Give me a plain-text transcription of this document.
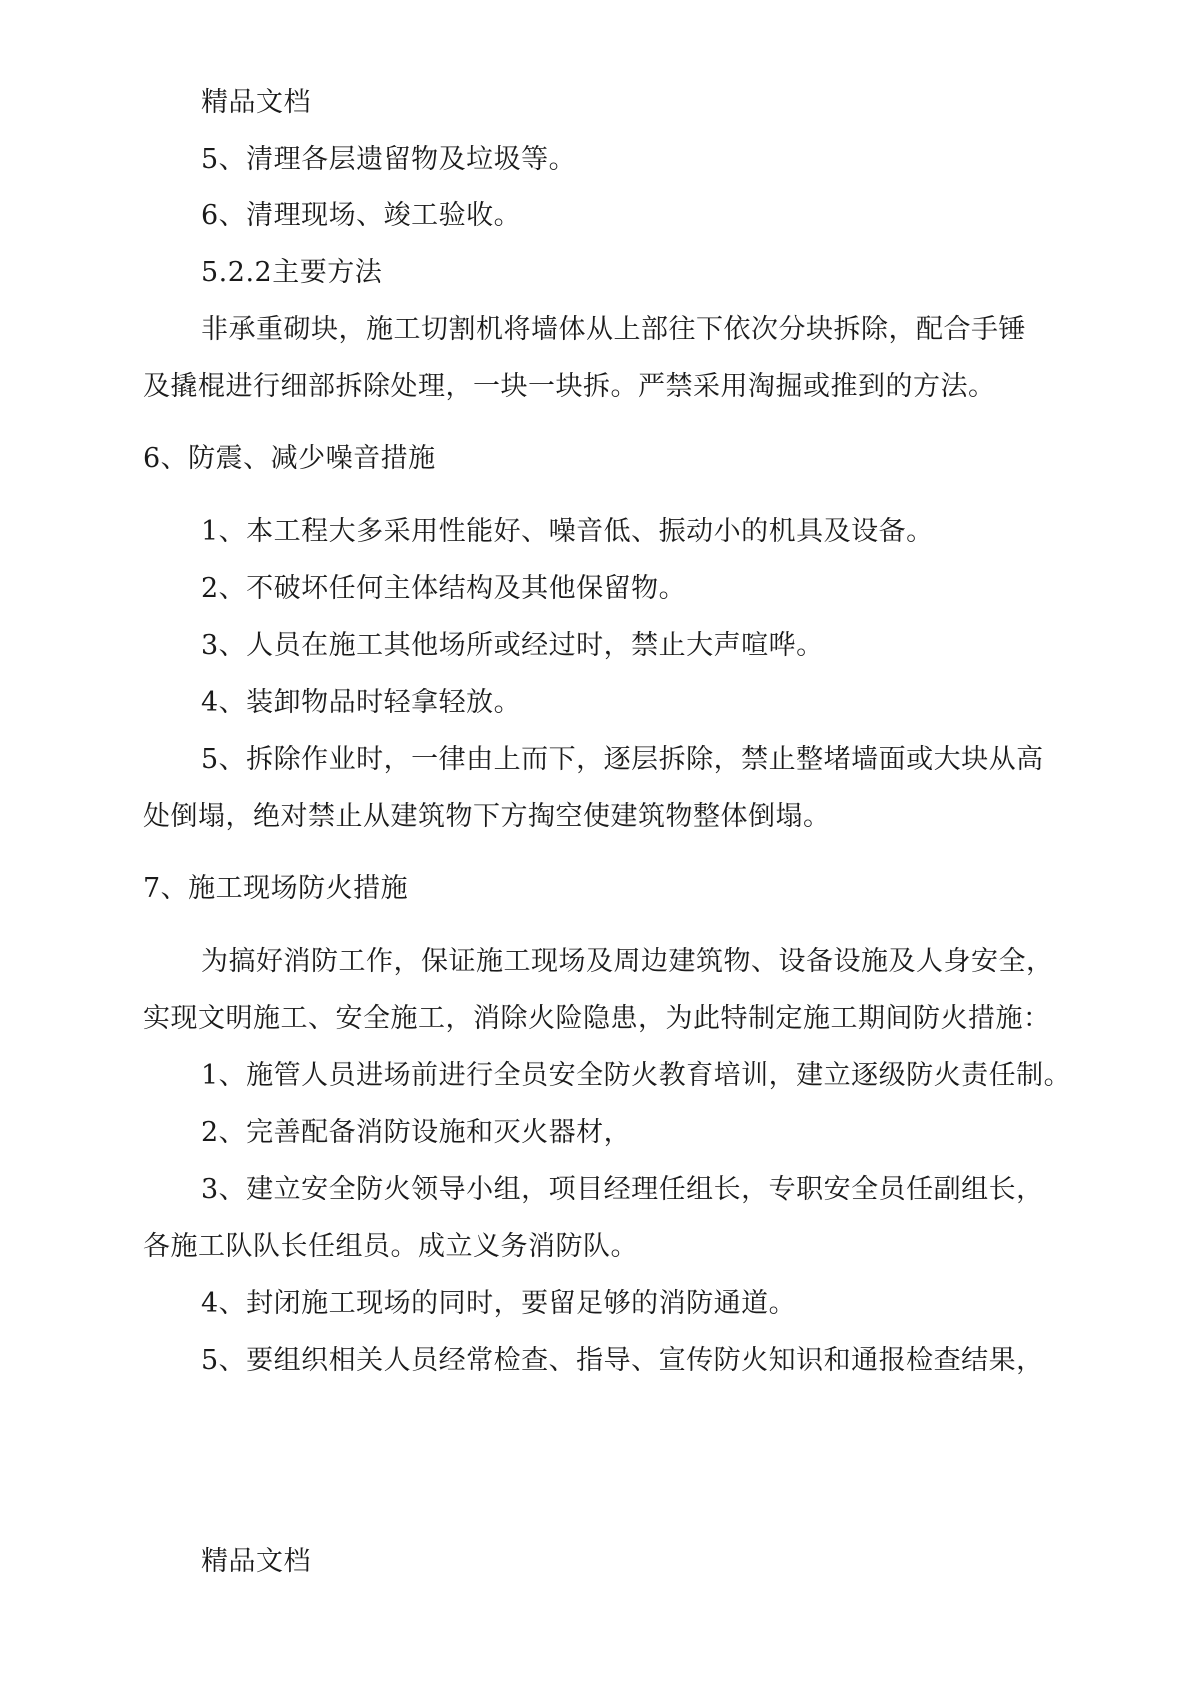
精品文档
5、清理各层遗留物及垃圾等。
6、清理现场、竣工验收。
5.2.2主要方法
非承重砌块，施工切割机将墙体从上部往下依次分块拆除，配合手锤
及撬棍进行细部拆除处理，一块一块拆。严禁采用淘掘或推到的方法。
6、防震、减少噪音措施
1、本工程大多采用性能好、噪音低、振动小的机具及设备。
2、不破坏任何主体结构及其他保留物。
3、人员在施工其他场所或经过时，禁止大声喧哗。
4、装卸物品时轻拿轻放。
5、拆除作业时，一律由上而下，逐层拆除，禁止整堵墙面或大块从高
处倒塌，绝对禁止从建筑物下方掏空使建筑物整体倒塌。
7、施工现场防火措施
为搞好消防工作，保证施工现场及周边建筑物、设备设施及人身安全，
实现文明施工、安全施工，消除火险隐患，为此特制定施工期间防火措施：
1、施管人员进场前进行全员安全防火教育培训，建立逐级防火责任制。
2、完善配备消防设施和灭火器材，
3、建立安全防火领导小组，项目经理任组长，专职安全员任副组长，
各施工队队长任组员。成立义务消防队。
4、封闭施工现场的同时，要留足够的消防通道。
5、要组织相关人员经常检查、指导、宣传防火知识和通报检查结果，
精品文档
